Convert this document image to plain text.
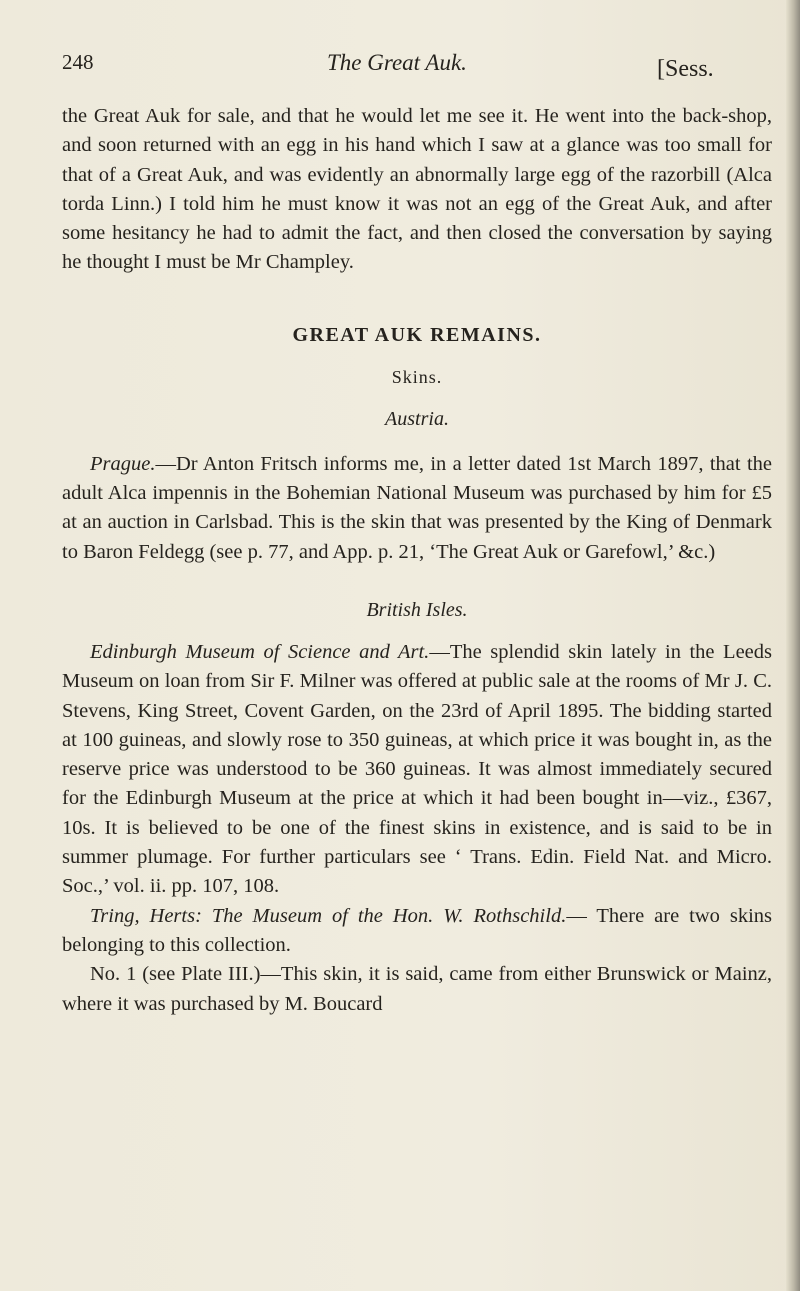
248	The Great Auk.	[Sess.

the Great Auk for sale, and that he would let me see it. He went into the back-shop, and soon returned with an egg in his hand which I saw at a glance was too small for that of a Great Auk, and was evidently an abnormally large egg of the razorbill (Alca torda Linn.) I told him he must know it was not an egg of the Great Auk, and after some hesitancy he had to admit the fact, and then closed the conversation by saying he thought I must be Mr Champley.

GREAT AUK REMAINS.

Skins.

Austria.

Prague.—Dr Anton Fritsch informs me, in a letter dated 1st March 1897, that the adult Alca impennis in the Bohemian National Museum was purchased by him for £5 at an auction in Carlsbad. This is the skin that was presented by the King of Denmark to Baron Feldegg (see p. 77, and App. p. 21, ‘The Great Auk or Garefowl,’ &c.)

British Isles.

Edinburgh Museum of Science and Art.—The splendid skin lately in the Leeds Museum on loan from Sir F. Milner was offered at public sale at the rooms of Mr J. C. Stevens, King Street, Covent Garden, on the 23rd of April 1895. The bidding started at 100 guineas, and slowly rose to 350 guineas, at which price it was bought in, as the reserve price was understood to be 360 guineas. It was almost immediately secured for the Edinburgh Museum at the price at which it had been bought in—viz., £367, 10s. It is believed to be one of the finest skins in existence, and is said to be in summer plumage. For further particulars see ‘ Trans. Edin. Field Nat. and Micro. Soc.,’ vol. ii. pp. 107, 108.

Tring, Herts: The Museum of the Hon. W. Rothschild.— There are two skins belonging to this collection.

No. 1 (see Plate III.)—This skin, it is said, came from either Brunswick or Mainz, where it was purchased by M. Boucard
